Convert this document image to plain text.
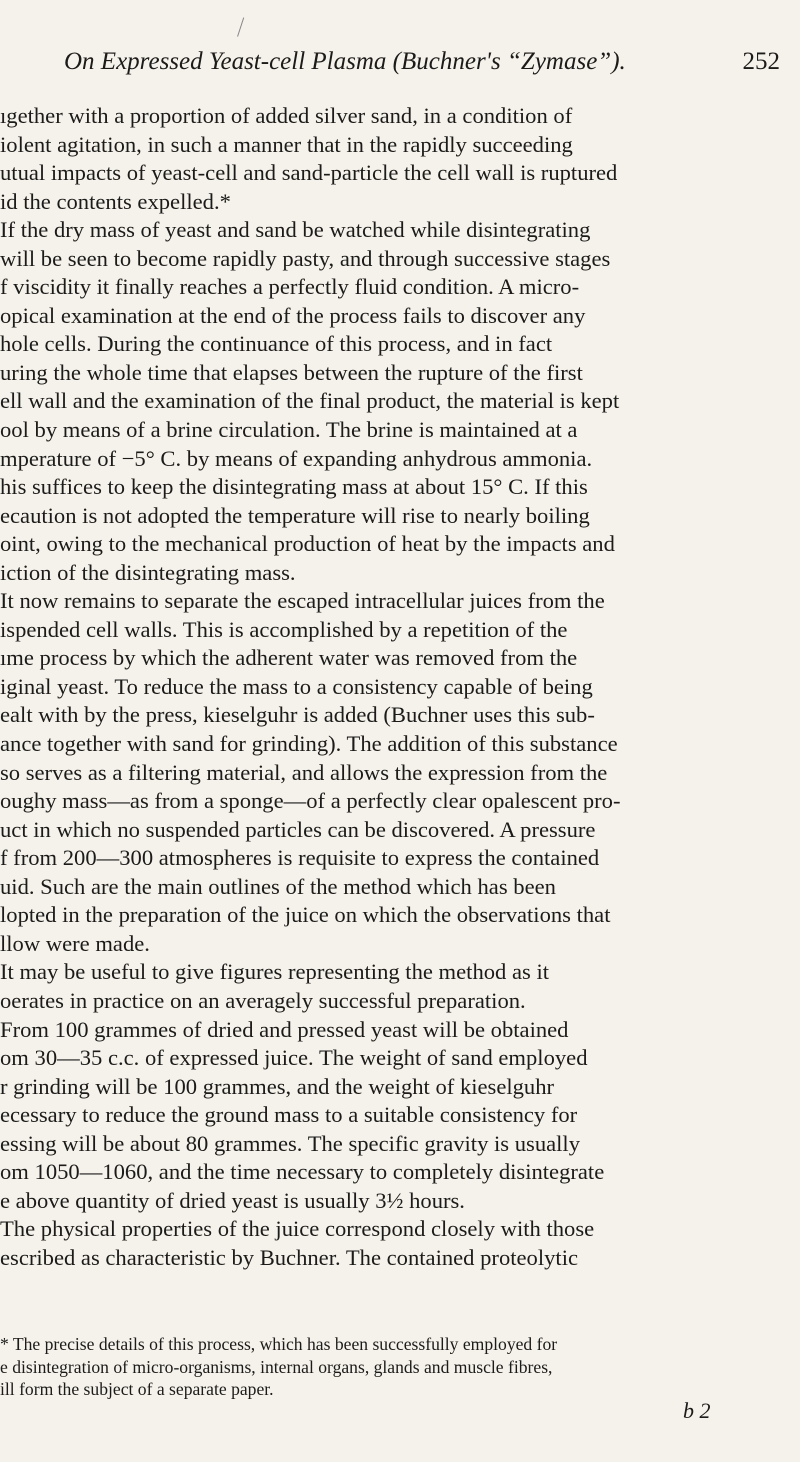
On Expressed Yeast-cell Plasma (Buchner's “Zymase”).	252
ıgether with a proportion of added silver sand, in a condition of
iolent agitation, in such a manner that in the rapidly succeeding
utual impacts of yeast-cell and sand-particle the cell wall is ruptured
id the contents expelled.*
If the dry mass of yeast and sand be watched while disintegrating
will be seen to become rapidly pasty, and through successive stages
f viscidity it finally reaches a perfectly fluid condition. A micro-
opical examination at the end of the process fails to discover any
hole cells. During the continuance of this process, and in fact
uring the whole time that elapses between the rupture of the first
ell wall and the examination of the final product, the material is kept
ool by means of a brine circulation. The brine is maintained at a
mperature of −5° C. by means of expanding anhydrous ammonia.
his suffices to keep the disintegrating mass at about 15° C. If this
ecaution is not adopted the temperature will rise to nearly boiling
oint, owing to the mechanical production of heat by the impacts and
iction of the disintegrating mass.
It now remains to separate the escaped intracellular juices from the
ispended cell walls. This is accomplished by a repetition of the
ıme process by which the adherent water was removed from the
iginal yeast. To reduce the mass to a consistency capable of being
ealt with by the press, kieselguhr is added (Buchner uses this sub-
ance together with sand for grinding). The addition of this substance
so serves as a filtering material, and allows the expression from the
oughy mass—as from a sponge—of a perfectly clear opalescent pro-
uct in which no suspended particles can be discovered. A pressure
f from 200—300 atmospheres is requisite to express the contained
uid. Such are the main outlines of the method which has been
lopted in the preparation of the juice on which the observations that
llow were made.
It may be useful to give figures representing the method as it
oerates in practice on an averagely successful preparation.
From 100 grammes of dried and pressed yeast will be obtained
om 30—35 c.c. of expressed juice. The weight of sand employed
r grinding will be 100 grammes, and the weight of kieselguhr
ecessary to reduce the ground mass to a suitable consistency for
essing will be about 80 grammes. The specific gravity is usually
om 1050—1060, and the time necessary to completely disintegrate
e above quantity of dried yeast is usually 3½ hours.
The physical properties of the juice correspond closely with those
escribed as characteristic by Buchner. The contained proteolytic
* The precise details of this process, which has been successfully employed for
e disintegration of micro-organisms, internal organs, glands and muscle fibres,
ill form the subject of a separate paper.
b 2
